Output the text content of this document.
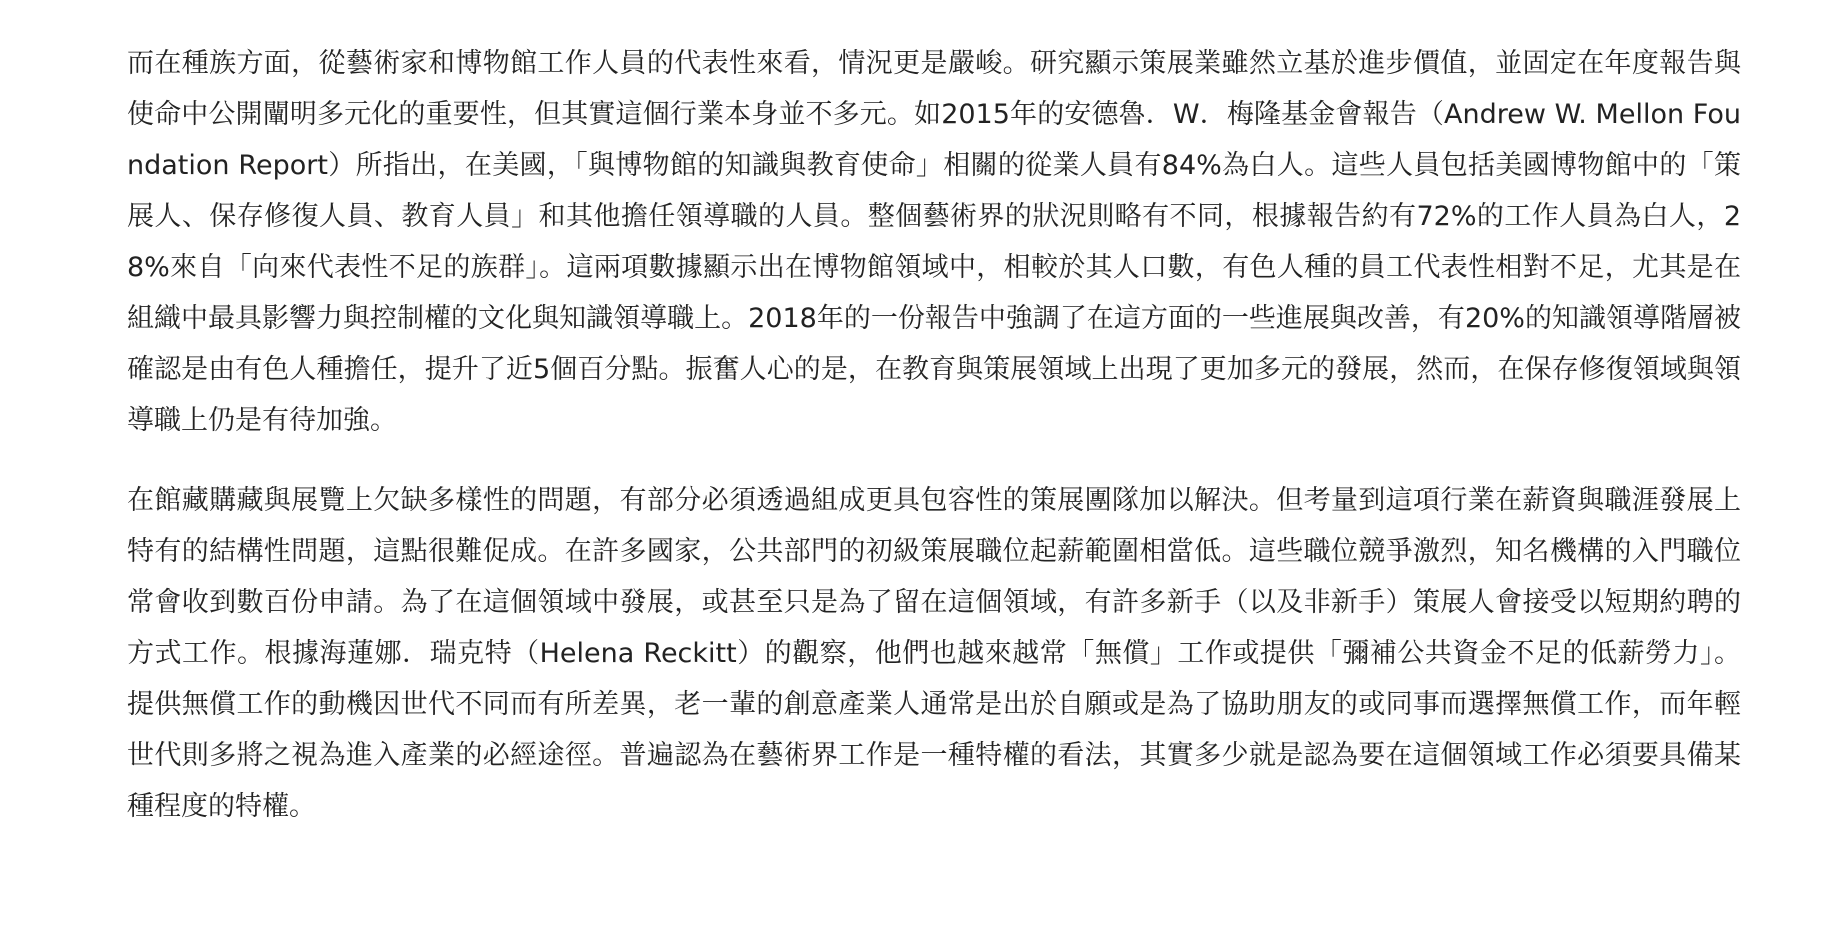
而在種族方面，從藝術家和博物館工作人員的代表性來看，情況更是嚴峻。研究顯示策展業雖然立基於進步價值，並固定在年度報告與使命中公開闡明多元化的重要性，但其實這個行業本身並不多元。如2015年的安德魯．W．梅隆基金會報告（Andrew W. Mellon Foundation Report）所指出，在美國，「與博物館的知識與教育使命」相關的從業人員有84%為白人。這些人員包括美國博物館中的「策展人、保存修復人員、教育人員」和其他擔任領導職的人員。整個藝術界的狀況則略有不同，根據報告約有72%的工作人員為白人，28%來自「向來代表性不足的族群」。這兩項數據顯示出在博物館領域中，相較於其人口數，有色人種的員工代表性相對不足，尤其是在組織中最具影響力與控制權的文化與知識領導職上。2018年的一份報告中強調了在這方面的一些進展與改善，有20%的知識領導階層被確認是由有色人種擔任，提升了近5個百分點。振奮人心的是，在教育與策展領域上出現了更加多元的發展，然而，在保存修復領域與領導職上仍是有待加強。

在館藏購藏與展覽上欠缺多樣性的問題，有部分必須透過組成更具包容性的策展團隊加以解決。但考量到這項行業在薪資與職涯發展上特有的結構性問題，這點很難促成。在許多國家，公共部門的初級策展職位起薪範圍相當低。這些職位競爭激烈，知名機構的入門職位常會收到數百份申請。為了在這個領域中發展，或甚至只是為了留在這個領域，有許多新手（以及非新手）策展人會接受以短期約聘的方式工作。根據海蓮娜．瑞克特（Helena Reckitt）的觀察，他們也越來越常「無償」工作或提供「彌補公共資金不足的低薪勞力」。提供無償工作的動機因世代不同而有所差異，老一輩的創意產業人通常是出於自願或是為了協助朋友的或同事而選擇無償工作，而年輕世代則多將之視為進入產業的必經途徑。普遍認為在藝術界工作是一種特權的看法，其實多少就是認為要在這個領域工作必須要具備某種程度的特權。
